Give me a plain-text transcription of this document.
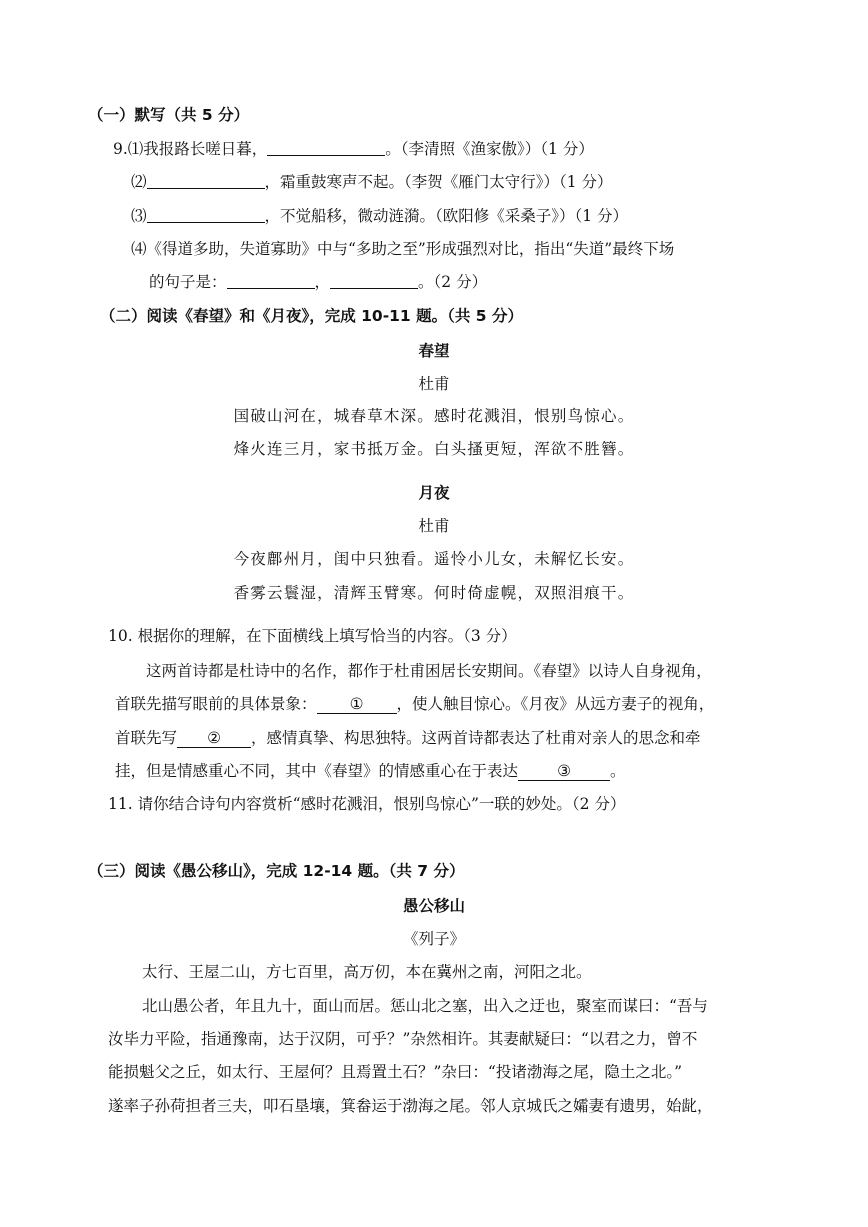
（一）默写（共 5 分）
9.⑴我报路长嗟日暮，	。（李清照《渔家傲》）（1 分）
⑵	，霜重鼓寒声不起。（李贺《雁门太守行》）（1 分）
⑶	，不觉船移，微动涟漪。（欧阳修《采桑子》）（1 分）
⑷《得道多助，失道寡助》中与“多助之至”形成强烈对比，指出“失道”最终下场
的句子是：	，	。（2 分）
（二）阅读《春望》和《月夜》，完成 10-11 题。（共 5 分）
春望
杜甫
国破山河在，城春草木深。感时花溅泪，恨别鸟惊心。
烽火连三月，家书抵万金。白头搔更短，浑欲不胜簪。
月夜
杜甫
今夜鄜州月，闺中只独看。遥怜小儿女，未解忆长安。
香雾云鬟湿，清辉玉臂寒。何时倚虚幌，双照泪痕干。
10. 根据你的理解，在下面横线上填写恰当的内容。（3 分）
这两首诗都是杜诗中的名作，都作于杜甫困居长安期间。《春望》以诗人自身视角，
首联先描写眼前的具体景象： ① ，使人触目惊心。《月夜》从远方妻子的视角，
首联先写 ② ，感情真挚、构思独特。这两首诗都表达了杜甫对亲人的思念和牵
挂，但是情感重心不同，其中《春望》的情感重心在于表达	③	。
11. 请你结合诗句内容赏析“感时花溅泪，恨别鸟惊心”一联的妙处。（2 分）
（三）阅读《愚公移山》，完成 12-14 题。（共 7 分）
愚公移山
《列子》
太行、王屋二山，方七百里，高万仞，本在冀州之南，河阳之北。
北山愚公者，年且九十，面山而居。惩山北之塞，出入之迂也，聚室而谋曰：“吾与
汝毕力平险，指通豫南，达于汉阴，可乎？”杂然相许。其妻献疑曰：“以君之力，曾不
能损魁父之丘，如太行、王屋何？且焉置土石？”杂曰：“投诸渤海之尾，隐土之北。”
遂率子孙荷担者三夫，叩石垦壤，箕畚运于渤海之尾。邻人京城氏之孀妻有遗男，始龀，
